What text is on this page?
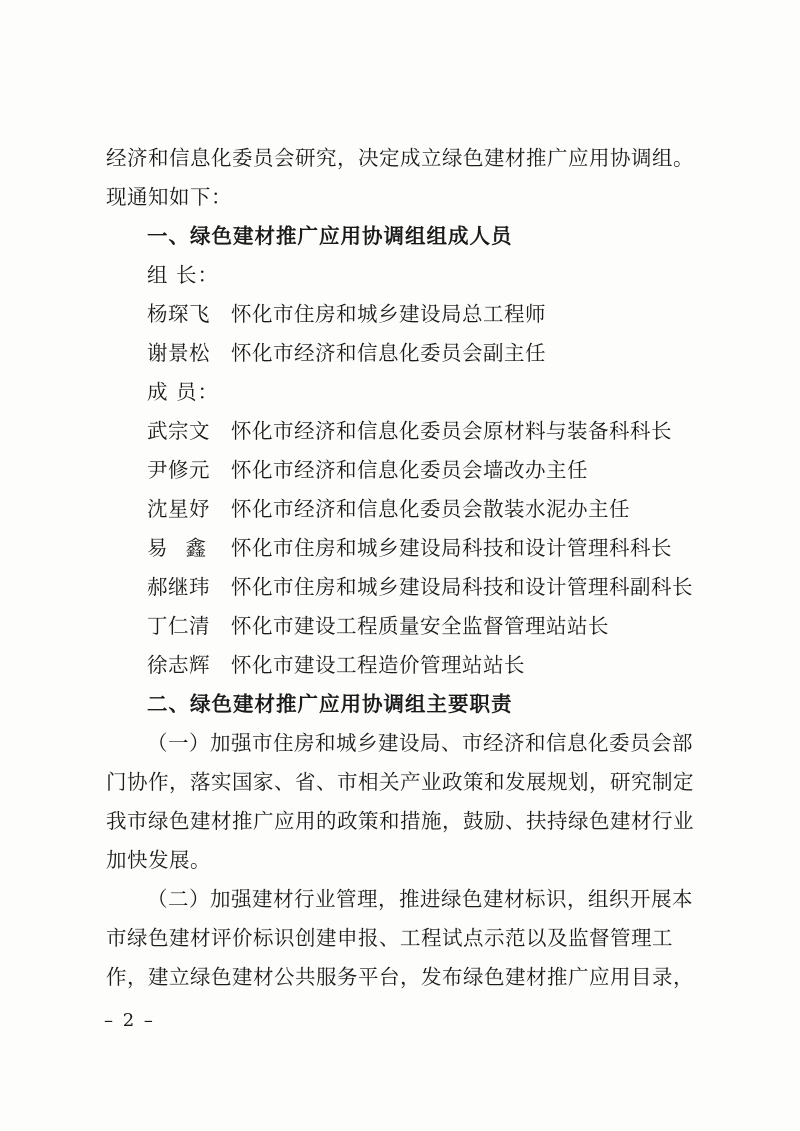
经济和信息化委员会研究，决定成立绿色建材推广应用协调组。
现通知如下：
一、绿色建材推广应用协调组组成人员
组 长：
杨琛飞 怀化市住房和城乡建设局总工程师
谢景松 怀化市经济和信息化委员会副主任
成 员：
武宗文 怀化市经济和信息化委员会原材料与装备科科长
尹修元 怀化市经济和信息化委员会墙改办主任
沈星妤 怀化市经济和信息化委员会散装水泥办主任
易鑫 怀化市住房和城乡建设局科技和设计管理科科长
郝继玮 怀化市住房和城乡建设局科技和设计管理科副科长
丁仁清 怀化市建设工程质量安全监督管理站站长
徐志辉 怀化市建设工程造价管理站站长
二、绿色建材推广应用协调组主要职责
（一）加强市住房和城乡建设局、市经济和信息化委员会部
门协作，落实国家、省、市相关产业政策和发展规划，研究制定
我市绿色建材推广应用的政策和措施，鼓励、扶持绿色建材行业
加快发展。
（二）加强建材行业管理，推进绿色建材标识，组织开展本
市绿色建材评价标识创建申报、工程试点示范以及监督管理工
作，建立绿色建材公共服务平台，发布绿色建材推广应用目录，
– 2 –
